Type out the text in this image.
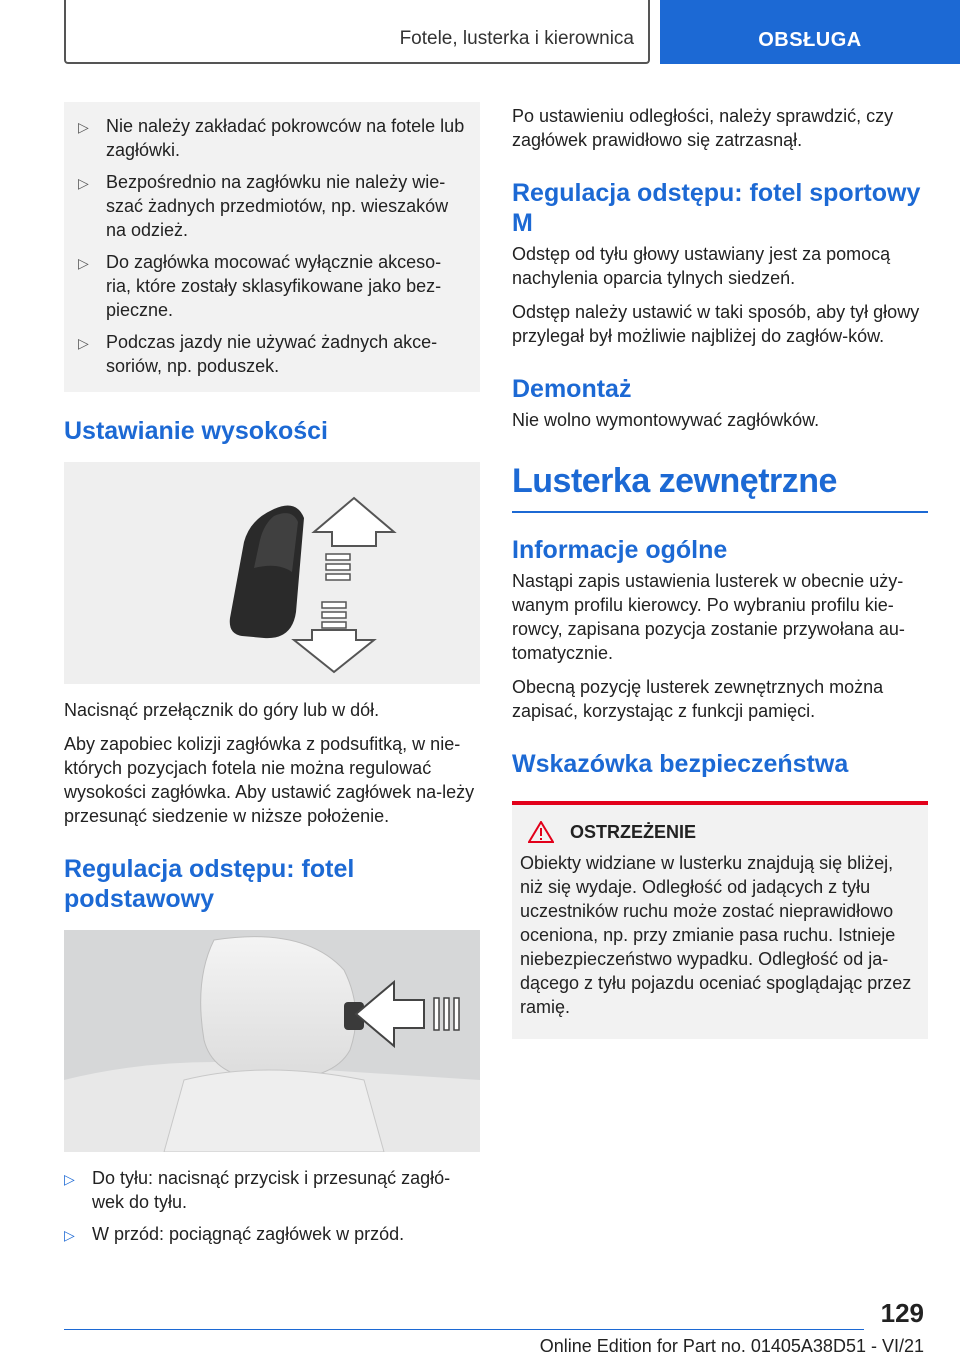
Fotele, lusterka i kierownica	OBSŁUGA
▷ Nie należy zakładać pokrowców na fotele lub zagłówki.
▷ Bezpośrednio na zagłówku nie należy wie-szać żadnych przedmiotów, np. wieszaków na odzież.
▷ Do zagłówka mocować wyłącznie akceso-ria, które zostały sklasyfikowane jako bez-pieczne.
▷ Podczas jazdy nie używać żadnych akce-soriów, np. poduszek.
Ustawianie wysokości

Nacisnąć przełącznik do góry lub w dół.

Aby zapobiec kolizji zagłówka z podsufitką, w nie-których pozycjach fotela nie można regulować wysokości zagłówka. Aby ustawić zagłówek na-leży przesunąć siedzenie w niższe położenie.

Regulacja odstępu: fotel podstawowy
▷ Do tyłu: nacisnąć przycisk i przesunąć zagłó-wek do tyłu.
▷ W przód: pociągnąć zagłówek w przód.

Po ustawieniu odległości, należy sprawdzić, czy zagłówek prawidłowo się zatrzasnął.

Regulacja odstępu: fotel sportowy M

Odstęp od tyłu głowy ustawiany jest za pomocą nachylenia oparcia tylnych siedzeń.

Odstęp należy ustawić w taki sposób, aby tył głowy przylegał był możliwie najbliżej do zagłów-ków.

Demontaż

Nie wolno wymontowywać zagłówków.

Lusterka zewnętrzne
Informacje ogólne

Nastąpi zapis ustawienia lusterek w obecnie uży-wanym profilu kierowcy. Po wybraniu profilu kie-rowcy, zapisana pozycja zostanie przywołana au-tomatycznie.

Obecną pozycję lusterek zewnętrznych można zapisać, korzystając z funkcji pamięci.

Wskazówka bezpieczeństwa
OSTRZEŻENIE

Obiekty widziane w lusterku znajdują się bliżej, niż się wydaje. Odległość od jadących z tyłu uczestników ruchu może zostać nieprawidłowo oceniona, np. przy zmianie pasa ruchu. Istnieje niebezpieczeństwo wypadku. Odległość od ja-dącego z tyłu pojazdu oceniać spoglądając przez ramię.

129
Online Edition for Part no. 01405A38D51 - VI/21
